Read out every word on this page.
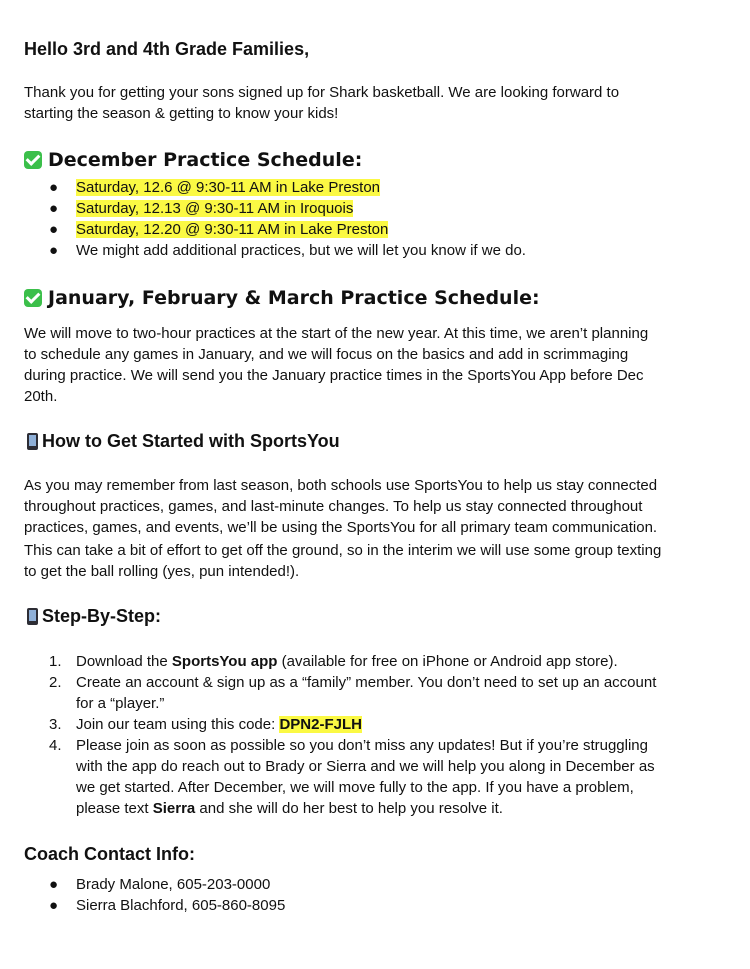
Hello 3rd and 4th Grade Families,
Thank you for getting your sons signed up for Shark basketball. We are looking forward to
starting the season & getting to know your kids!
December Practice Schedule:
● Saturday, 12.6 @ 9:30-11 AM in Lake Preston
● Saturday, 12.13 @ 9:30-11 AM in Iroquois
● Saturday, 12.20 @ 9:30-11 AM in Lake Preston
● We might add additional practices, but we will let you know if we do.
January, February & March Practice Schedule:
We will move to two-hour practices at the start of the new year. At this time, we aren’t planning
to schedule any games in January, and we will focus on the basics and add in scrimmaging
during practice. We will send you the January practice times in the SportsYou App before Dec
20th.
How to Get Started with SportsYou
As you may remember from last season, both schools use SportsYou to help us stay connected
throughout practices, games, and last-minute changes. To help us stay connected throughout
practices, games, and events, we’ll be using the SportsYou for all primary team communication.
This can take a bit of effort to get off the ground, so in the interim we will use some group texting
to get the ball rolling (yes, pun intended!).
Step-By-Step:
1. Download the SportsYou app (available for free on iPhone or Android app store).
2. Create an account & sign up as a “family” member. You don’t need to set up an account
for a “player.”
3. Join our team using this code: DPN2-FJLH
4. Please join as soon as possible so you don’t miss any updates! But if you’re struggling
with the app do reach out to Brady or Sierra and we will help you along in December as
we get started. After December, we will move fully to the app. If you have a problem,
please text Sierra and she will do her best to help you resolve it.
Coach Contact Info:
● Brady Malone, 605-203-0000
● Sierra Blachford, 605-860-8095
